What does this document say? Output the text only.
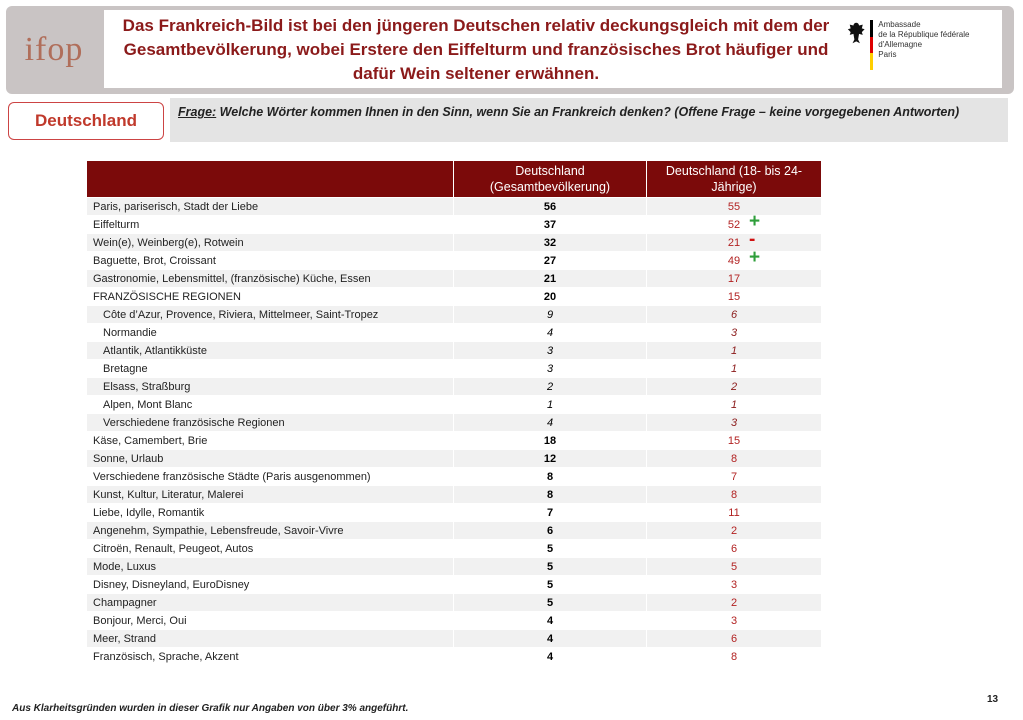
ifop
Das Frankreich-Bild ist bei den jüngeren Deutschen relativ deckungsgleich mit dem der Gesamtbevölkerung, wobei Erstere den Eiffelturm und französisches Brot häufiger und dafür Wein seltener erwähnen.
Ambassade
de la République fédérale d'Allemagne
Paris
Deutschland	Frage: Welche Wörter kommen Ihnen in den Sinn, wenn Sie an Frankreich denken? (Offene Frage – keine vorgegebenen Antworten)
	Deutschland (Gesamtbevölkerung)	Deutschland (18- bis 24-Jährige)
Paris, pariserisch, Stadt der Liebe	56	55
Eiffelturm	37	52 +

Wein(e), Weinberg(e), Rotwein	32	21 -

Baguette, Brot, Croissant	27	49 +

Gastronomie, Lebensmittel, (französische) Küche, Essen	21	17
FRANZÖSISCHE REGIONEN	20	15
Côte d’Azur, Provence, Riviera, Mittelmeer, Saint-Tropez	9	6
Normandie	4	3
Atlantik, Atlantikküste	3	1
Bretagne	3	1
Elsass, Straßburg	2	2
Alpen, Mont Blanc	1	1
Verschiedene französische Regionen	4	3
Käse, Camembert, Brie	18	15
Sonne, Urlaub	12	8
Verschiedene französische Städte (Paris ausgenommen)	8	7
Kunst, Kultur, Literatur, Malerei	8	8
Liebe, Idylle, Romantik	7	11
Angenehm, Sympathie, Lebensfreude, Savoir-Vivre	6	2
Citroën, Renault, Peugeot, Autos	5	6
Mode, Luxus	5	5
Disney, Disneyland, EuroDisney	5	3
Champagner	5	2
Bonjour, Merci, Oui	4	3
Meer, Strand	4	6
Französisch, Sprache, Akzent	4	8
Aus Klarheitsgründen wurden in dieser Grafik nur Angaben von über 3% angeführt.
13
